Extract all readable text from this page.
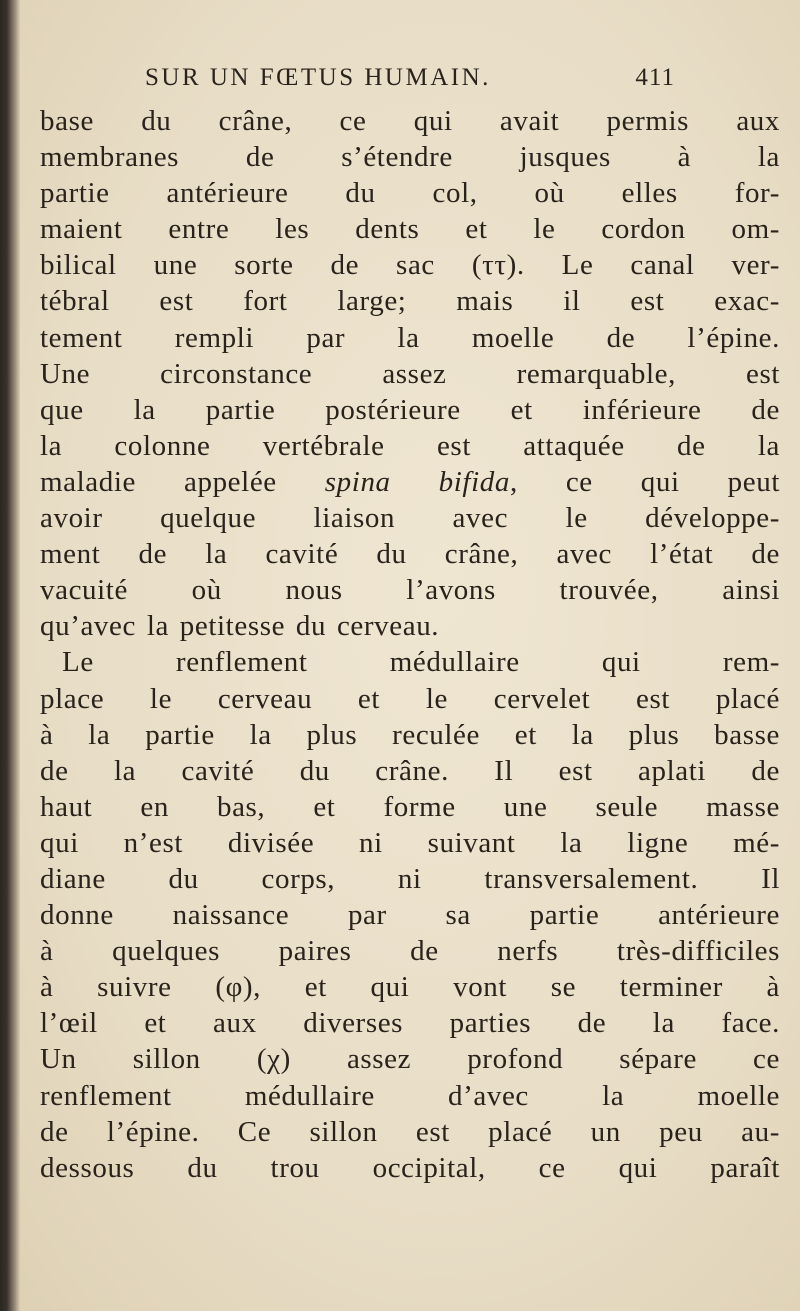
SUR UN FŒTUS HUMAIN.	411
base du crâne, ce qui avait permis aux
membranes de s’étendre jusques à la
partie antérieure du col, où elles for-
maient entre les dents et le cordon om-
bilical une sorte de sac (ττ). Le canal ver-
tébral est fort large; mais il est exac-
tement rempli par la moelle de l’épine.
Une circonstance assez remarquable, est
que la partie postérieure et inférieure de
la colonne vertébrale est attaquée de la
maladie appelée spina bifida, ce qui peut
avoir quelque liaison avec le développe-
ment de la cavité du crâne, avec l’état de
vacuité où nous l’avons trouvée, ainsi
qu’avec la petitesse du cerveau.
Le renflement médullaire qui rem-
place le cerveau et le cervelet est placé
à la partie la plus reculée et la plus basse
de la cavité du crâne. Il est aplati de
haut en bas, et forme une seule masse
qui n’est divisée ni suivant la ligne mé-
diane du corps, ni transversalement. Il
donne naissance par sa partie antérieure
à quelques paires de nerfs très-difficiles
à suivre (φ), et qui vont se terminer à
l’œil et aux diverses parties de la face.
Un sillon (χ) assez profond sépare ce
renflement médullaire d’avec la moelle
de l’épine. Ce sillon est placé un peu au-
dessous du trou occipital, ce qui paraît
